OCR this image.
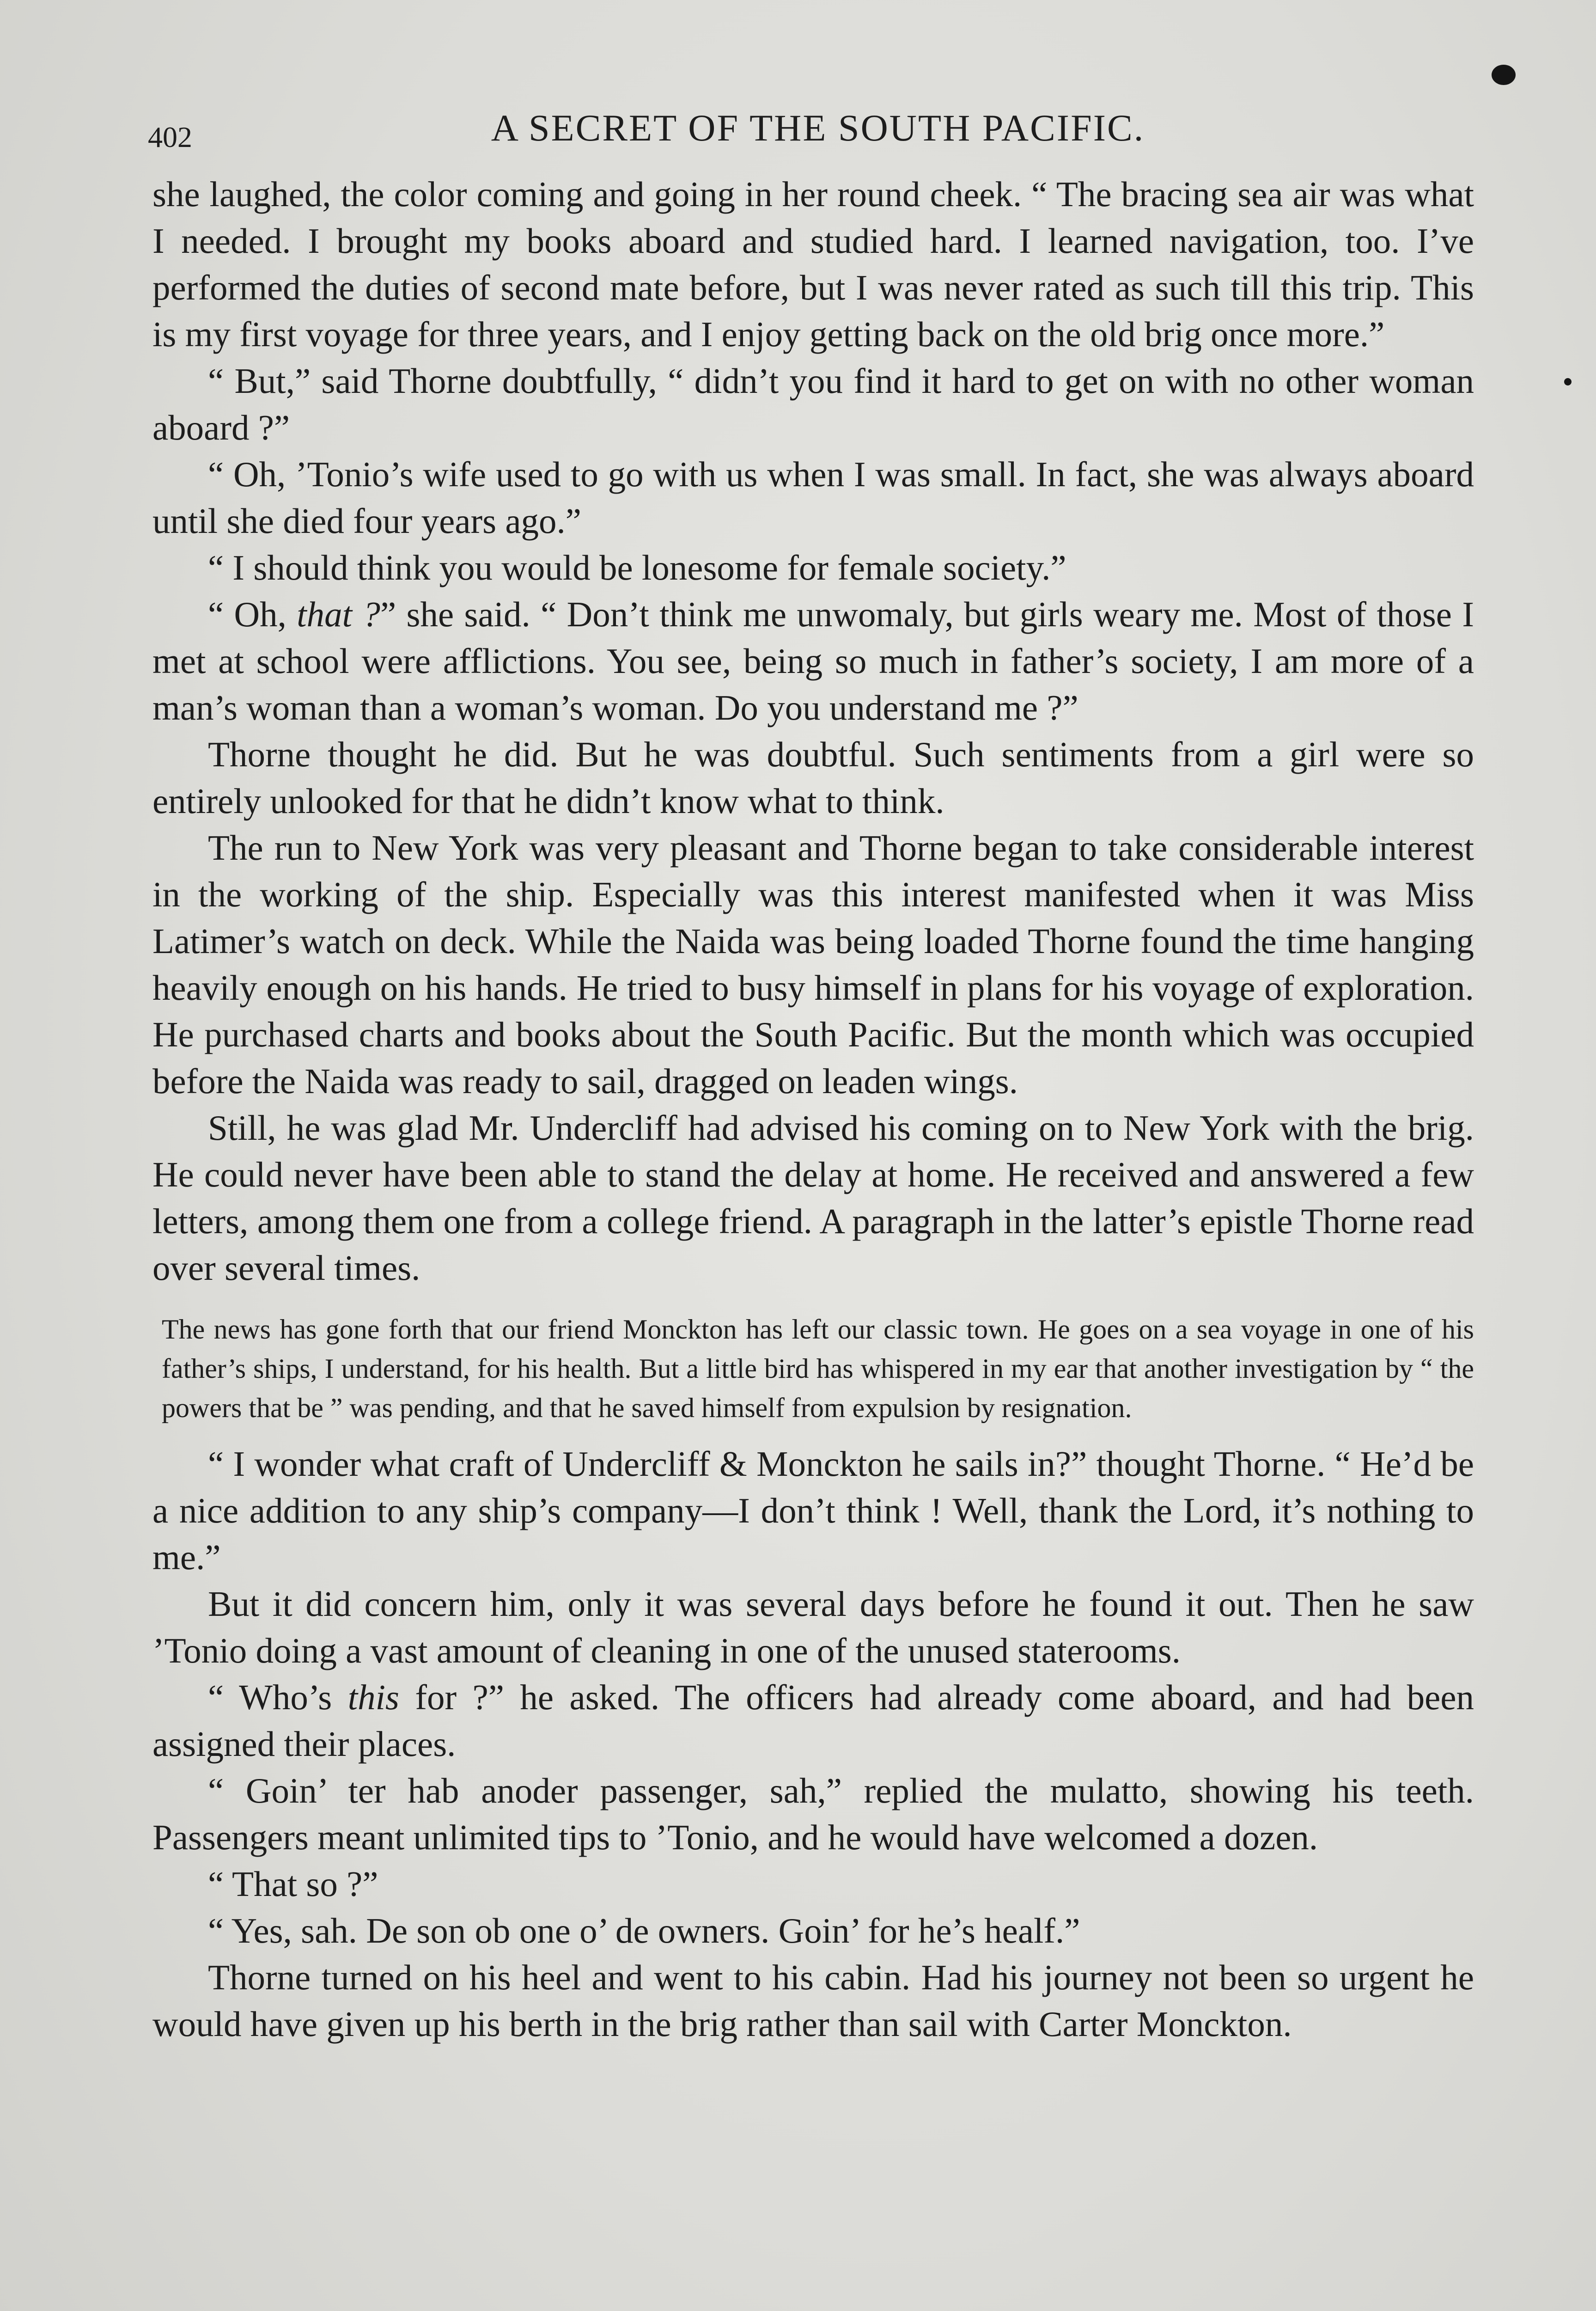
402	A SECRET OF THE SOUTH PACIFIC.

she laughed, the color coming and going in her round cheek. “ The bracing sea air was what I needed. I brought my books aboard and studied hard. I learned navigation, too. I’ve performed the duties of second mate before, but I was never rated as such till this trip. This is my first voyage for three years, and I enjoy getting back on the old brig once more.”

“ But,” said Thorne doubtfully, “ didn’t you find it hard to get on with no other woman aboard ?”

“ Oh, ’Tonio’s wife used to go with us when I was small. In fact, she was always aboard until she died four years ago.”

“ I should think you would be lonesome for female society.”

“ Oh, that ?” she said. “ Don’t think me unwomaly, but girls weary me. Most of those I met at school were afflictions. You see, being so much in father’s society, I am more of a man’s woman than a woman’s woman. Do you understand me ?”

Thorne thought he did. But he was doubtful. Such sentiments from a girl were so entirely unlooked for that he didn’t know what to think.

The run to New York was very pleasant and Thorne began to take considerable interest in the working of the ship. Especially was this interest manifested when it was Miss Latimer’s watch on deck. While the Naida was being loaded Thorne found the time hanging heavily enough on his hands. He tried to busy himself in plans for his voyage of exploration. He purchased charts and books about the South Pacific. But the month which was occupied before the Naida was ready to sail, dragged on leaden wings.

Still, he was glad Mr. Undercliff had advised his coming on to New York with the brig. He could never have been able to stand the delay at home. He received and answered a few letters, among them one from a college friend. A paragraph in the latter’s epistle Thorne read over several times.

The news has gone forth that our friend Monckton has left our classic town. He goes on a sea voyage in one of his father’s ships, I understand, for his health. But a little bird has whispered in my ear that another investigation by “ the powers that be ” was pending, and that he saved himself from expulsion by resignation.

“ I wonder what craft of Undercliff & Monckton he sails in?” thought Thorne. “ He’d be a nice addition to any ship’s company—I don’t think ! Well, thank the Lord, it’s nothing to me.”

But it did concern him, only it was several days before he found it out. Then he saw ’Tonio doing a vast amount of cleaning in one of the unused staterooms.

“ Who’s this for ?” he asked. The officers had already come aboard, and had been assigned their places.

“ Goin’ ter hab anoder passenger, sah,” replied the mulatto, showing his teeth. Passengers meant unlimited tips to ’Tonio, and he would have welcomed a dozen.

“ That so ?”

“ Yes, sah. De son ob one o’ de owners. Goin’ for he’s healf.”

Thorne turned on his heel and went to his cabin. Had his journey not been so urgent he would have given up his berth in the brig rather than sail with Carter Monckton.
